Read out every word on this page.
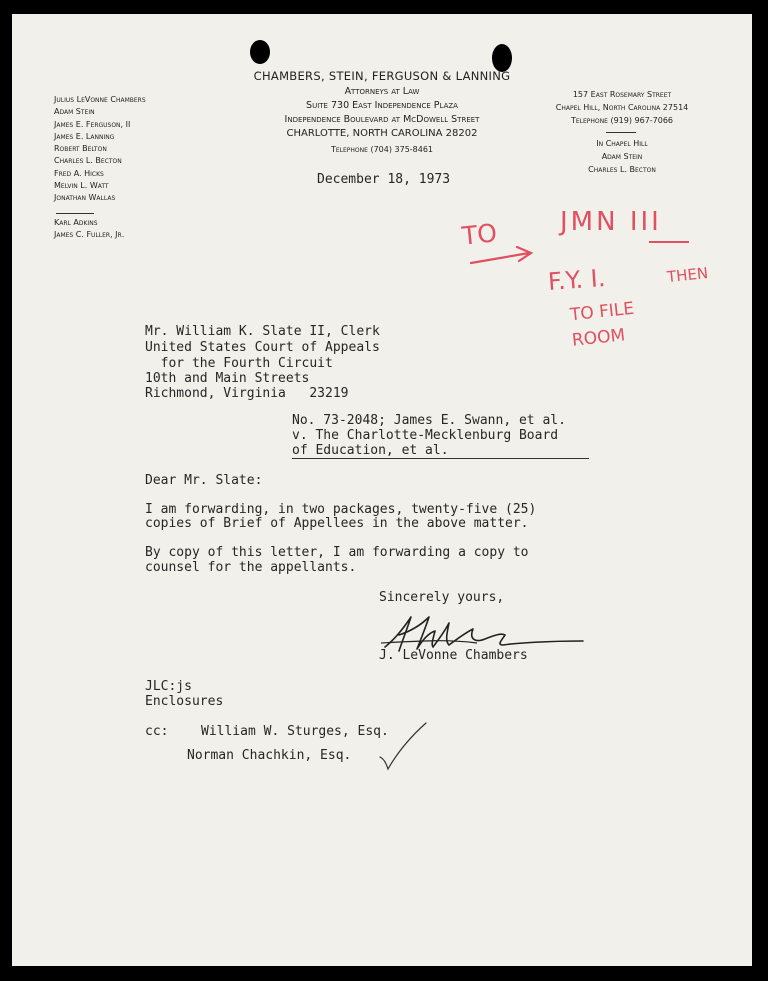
CHAMBERS, STEIN, FERGUSON & LANNING

Attorneys at Law

Suite 730 East Independence Plaza

Independence Boulevard at McDowell Street

CHARLOTTE, NORTH CAROLINA 28202

Telephone (704) 375-8461

Julius LeVonne Chambers
Adam Stein
James E. Ferguson, II
James E. Lanning
Robert Belton
Charles L. Becton
Fred A. Hicks
Melvin L. Watt
Jonathan Wallas
Karl Adkins
James C. Fuller, Jr.

157 East Rosemary Street

Chapel Hill, North Carolina 27514

Telephone (919) 967-7066

In Chapel Hill

Adam Stein

Charles L. Becton

December 18, 1973

TO JMN III

F.Y. I.	THEN

TO FILE

ROOM

Mr. William K. Slate II, Clerk

United States Court of Appeals

for the Fourth Circuit

10th and Main Streets

Richmond, Virginia   23219

No. 73-2048; James E. Swann, et al.

v. The Charlotte-Mecklenburg Board

of Education, et al.

Dear Mr. Slate:

I am forwarding, in two packages, twenty-five (25)

copies of Brief of Appellees in the above matter.

By copy of this letter, I am forwarding a copy to

counsel for the appellants.

Sincerely yours,

J. LeVonne Chambers

JLC:js

Enclosures

cc:	William W. Sturges, Esq.

Norman Chachkin, Esq.
